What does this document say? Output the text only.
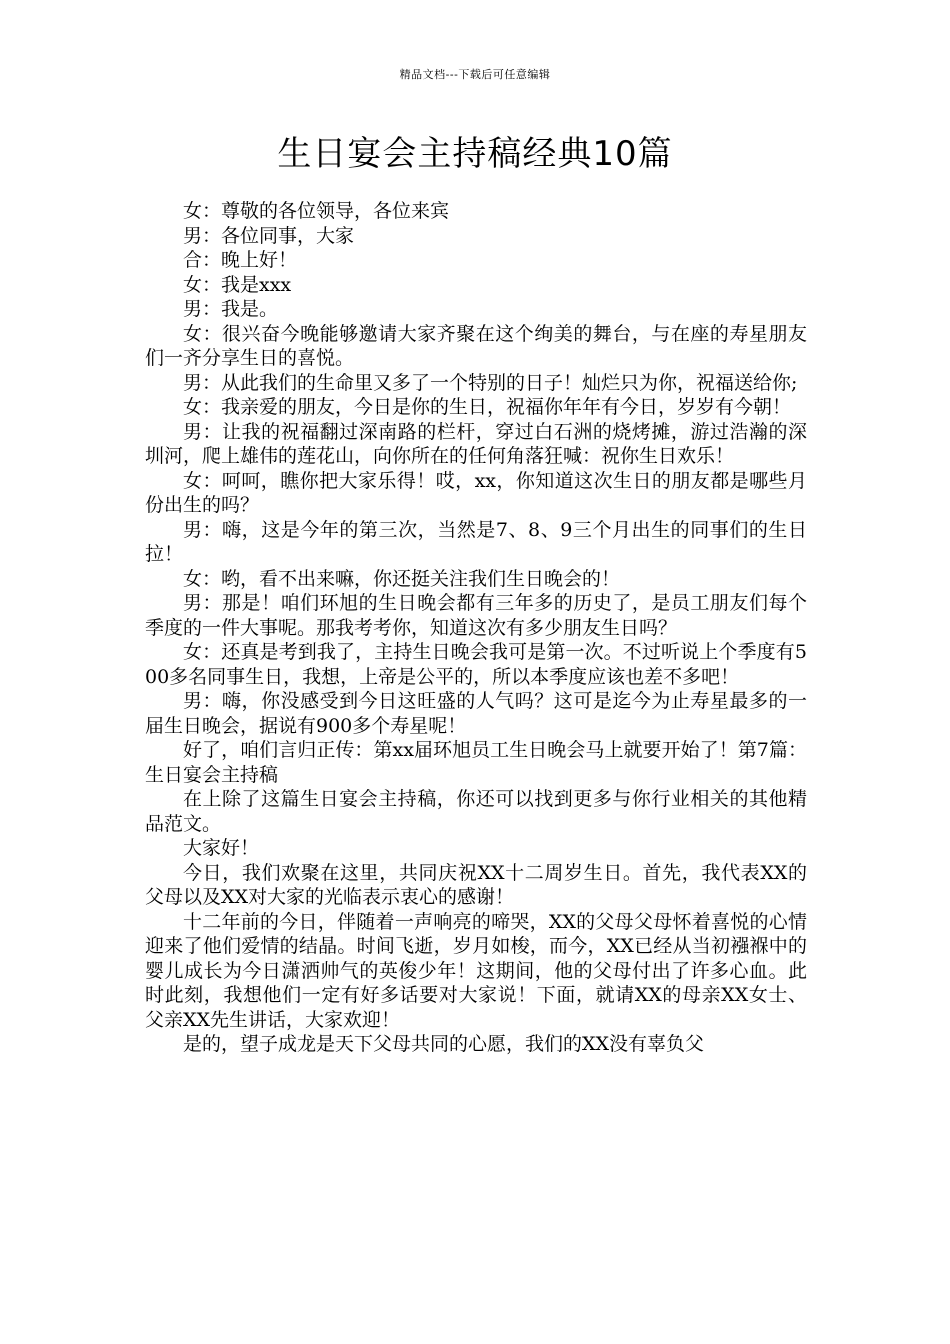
精品文档---下载后可任意编辑
生日宴会主持稿经典10篇

女：尊敬的各位领导，各位来宾

男：各位同事，大家

合：晚上好！

女：我是xxx

男：我是。

女：很兴奋今晚能够邀请大家齐聚在这个绚美的舞台，与在座的寿星朋友们一齐分享生日的喜悦。

男：从此我们的生命里又多了一个特别的日子！灿烂只为你，祝福送给你;

女：我亲爱的朋友，今日是你的生日，祝福你年年有今日，岁岁有今朝！

男：让我的祝福翻过深南路的栏杆，穿过白石洲的烧烤摊，游过浩瀚的深圳河，爬上雄伟的莲花山，向你所在的任何角落狂喊：祝你生日欢乐！

女：呵呵，瞧你把大家乐得！哎，xx，你知道这次生日的朋友都是哪些月份出生的吗？

男：嗨，这是今年的第三次，当然是7、8、9三个月出生的同事们的生日拉！

女：哟，看不出来嘛，你还挺关注我们生日晚会的！

男：那是！咱们环旭的生日晚会都有三年多的历史了，是员工朋友们每个季度的一件大事呢。那我考考你，知道这次有多少朋友生日吗？

女：还真是考到我了，主持生日晚会我可是第一次。不过听说上个季度有500多名同事生日，我想，上帝是公平的，所以本季度应该也差不多吧！

男：嗨，你没感受到今日这旺盛的人气吗？这可是迄今为止寿星最多的一届生日晚会，据说有900多个寿星呢！

好了，咱们言归正传：第xx届环旭员工生日晚会马上就要开始了！第7篇：生日宴会主持稿

在上除了这篇生日宴会主持稿，你还可以找到更多与你行业相关的其他精品范文。

大家好！

今日，我们欢聚在这里，共同庆祝XX十二周岁生日。首先，我代表XX的父母以及XX对大家的光临表示衷心的感谢！

十二年前的今日，伴随着一声响亮的啼哭，XX的父母父母怀着喜悦的心情迎来了他们爱情的结晶。时间飞逝，岁月如梭，而今，XX已经从当初襁褓中的婴儿成长为今日潇洒帅气的英俊少年！这期间，他的父母付出了许多心血。此时此刻，我想他们一定有好多话要对大家说！下面，就请XX的母亲XX女士、父亲XX先生讲话，大家欢迎！

是的，望子成龙是天下父母共同的心愿，我们的XX没有辜负父
